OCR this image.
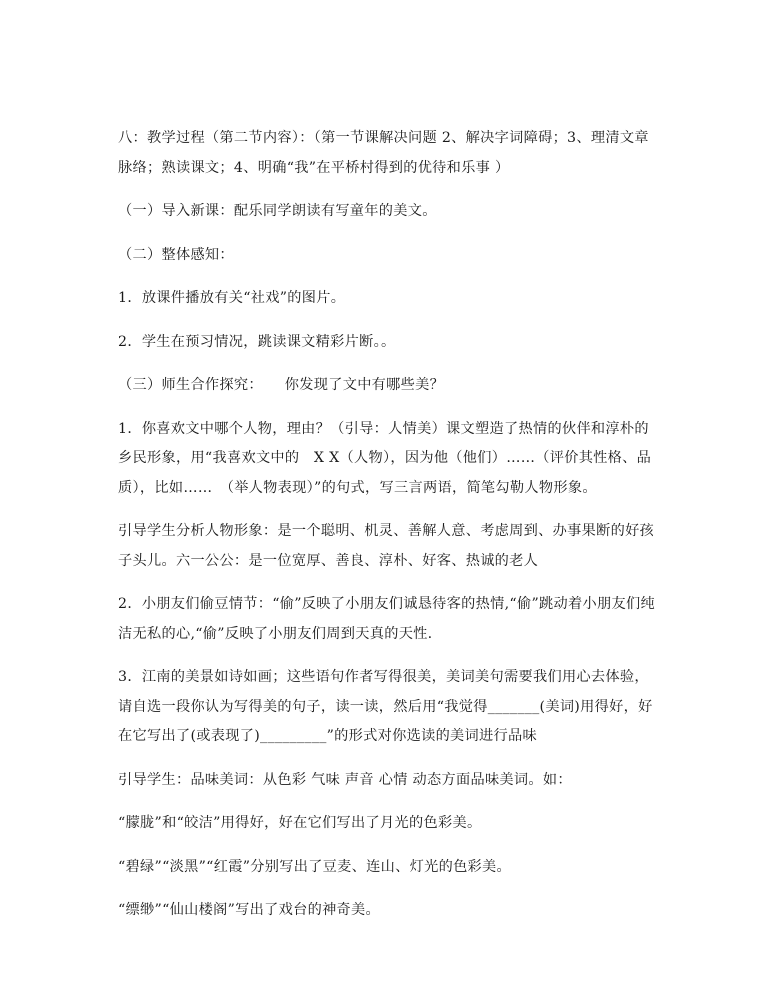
八：教学过程（第二节内容）：（第一节课解决问题 2、解决字词障碍；3、理清文章脉络；熟读课文；4、明确“我”在平桥村得到的优待和乐事 ）

（一）导入新课：配乐同学朗读有写童年的美文。

（二）整体感知：

1．放课件播放有关“社戏”的图片。

2．学生在预习情况，跳读课文精彩片断。。

（三）师生合作探究：　　你发现了文中有哪些美？

1．你喜欢文中哪个人物，理由？（引导：人情美）课文塑造了热情的伙伴和淳朴的乡民形象，用“我喜欢文中的　X X（人物），因为他（他们）……（评价其性格、品质），比如……　（举人物表现）”的句式，写三言两语，简笔勾勒人物形象。

引导学生分析人物形象：是一个聪明、机灵、善解人意、考虑周到、办事果断的好孩子头儿。六一公公：是一位宽厚、善良、淳朴、好客、热诚的老人

2．小朋友们偷豆情节：“偷”反映了小朋友们诚恳待客的热情,“偷”跳动着小朋友们纯洁无私的心,“偷”反映了小朋友们周到天真的天性.

3．江南的美景如诗如画；这些语句作者写得很美，美词美句需要我们用心去体验，请自选一段你认为写得美的句子，读一读，然后用“我觉得_______(美词)用得好，好在它写出了(或表现了)_________”的形式对你选读的美词进行品味

引导学生：品味美词：从色彩 气味 声音 心情 动态方面品味美词。如：

“朦胧”和“皎洁”用得好，好在它们写出了月光的色彩美。

“碧绿”“淡黑”“红霞”分别写出了豆麦、连山、灯光的色彩美。

“缥缈”“仙山楼阁”写出了戏台的神奇美。
